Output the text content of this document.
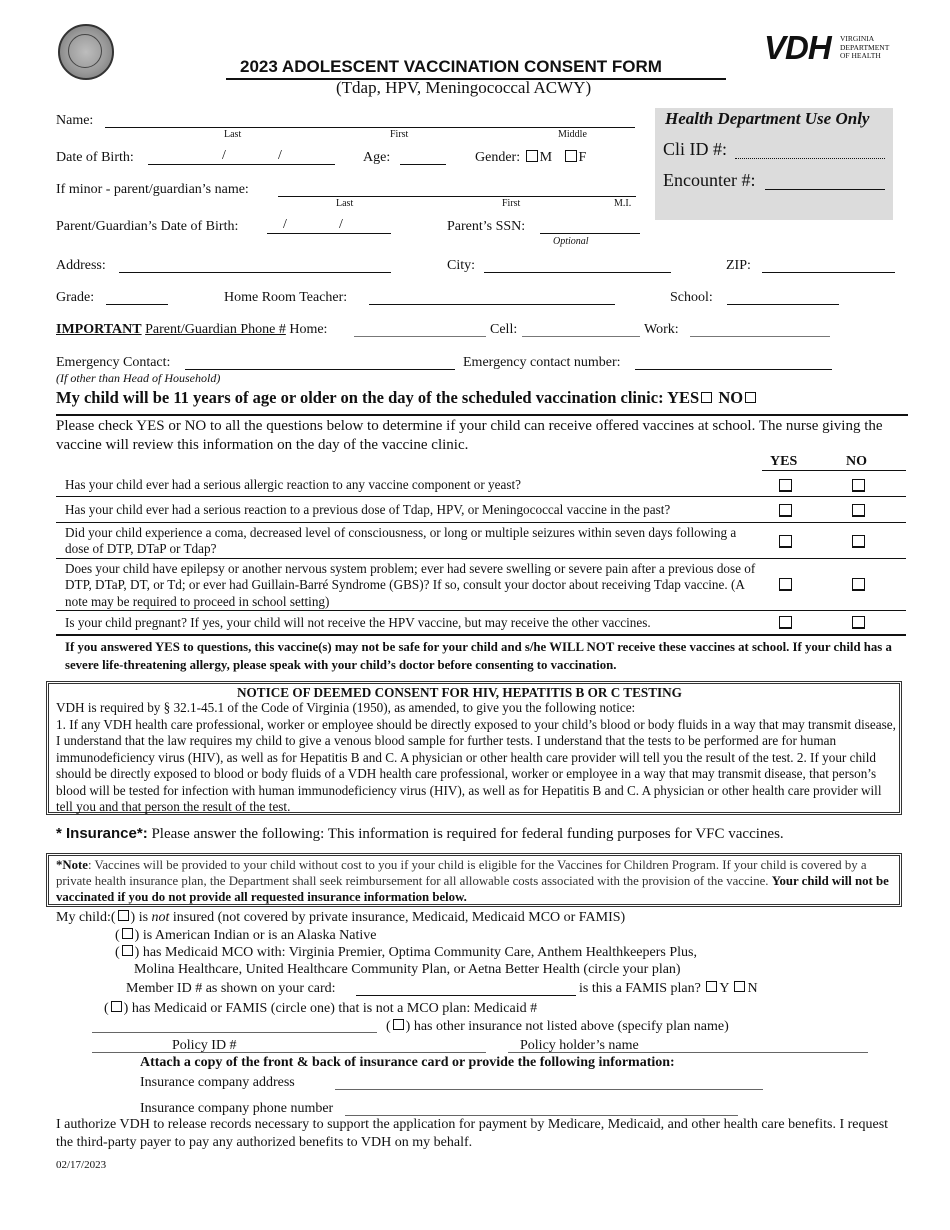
2023 ADOLESCENT VACCINATION CONSENT FORM
(Tdap, HPV, Meningococcal ACWY)
VDH VIRGINIA
DEPARTMENT
OF HEALTH
Health Department Use Only
Cli ID #:
Encounter #:
Name:
Last	First	Middle
Date of Birth:	/	/	Age:	Gender: M F
If minor - parent/guardian’s name:
Last	First	M.I.
Parent/Guardian’s Date of Birth:	/	/	Parent’s SSN:
Optional
Address:	City:	ZIP:
Grade:	Home Room Teacher:	School:
IMPORTANT Parent/Guardian Phone # Home:	Cell:	Work:
Emergency Contact:	Emergency contact number:
(If other than Head of Household)
My child will be 11 years of age or older on the day of the scheduled vaccination clinic: YES NO
Please check YES or NO to all the questions below to determine if your child can receive offered vaccines at school. The nurse giving the vaccine will review this information on the day of the vaccine clinic.
YES	NO
Has your child ever had a serious allergic reaction to any vaccine component or yeast?
Has your child ever had a serious reaction to a previous dose of Tdap, HPV, or Meningococcal vaccine in the past?
Did your child experience a coma, decreased level of consciousness, or long or multiple seizures within seven days following a dose of DTP, DTaP or Tdap?
Does your child have epilepsy or another nervous system problem; ever had severe swelling or severe pain after a previous dose of DTP, DTaP, DT, or Td; or ever had Guillain-Barré Syndrome (GBS)? If so, consult your doctor about receiving Tdap vaccine. (A note may be required to proceed in school setting)
Is your child pregnant? If yes, your child will not receive the HPV vaccine, but may receive the other vaccines.
If you answered YES to questions, this vaccine(s) may not be safe for your child and s/he WILL NOT receive these vaccines at school. If your child has a severe life-threatening allergy, please speak with your child’s doctor before consenting to vaccination.
NOTICE OF DEEMED CONSENT FOR HIV, HEPATITIS B OR C TESTING
VDH is required by § 32.1-45.1 of the Code of Virginia (1950), as amended, to give you the following notice:
1. If any VDH health care professional, worker or employee should be directly exposed to your child’s blood or body fluids in a way that may transmit disease, I understand that the law requires my child to give a venous blood sample for further tests. I understand that the tests to be performed are for human immunodeficiency virus (HIV), as well as for Hepatitis B and C. A physician or other health care provider will tell you the result of the test. 2. If your child should be directly exposed to blood or body fluids of a VDH health care professional, worker or employee in a way that may transmit disease, that person’s blood will be tested for infection with human immunodeficiency virus (HIV), as well as for Hepatitis B and C. A physician or other health care provider will tell you and that person the result of the test.
* Insurance*: Please answer the following: This information is required for federal funding purposes for VFC vaccines.
*Note: Vaccines will be provided to your child without cost to you if your child is eligible for the Vaccines for Children Program. If your child is covered by a private health insurance plan, the Department shall seek reimbursement for all allowable costs associated with the provision of the vaccine. Your child will not be vaccinated if you do not provide all requested insurance information below.
My child:( ) is not insured (not covered by private insurance, Medicaid, Medicaid MCO or FAMIS)
( ) is American Indian or is an Alaska Native
( ) has Medicaid MCO with: Virginia Premier, Optima Community Care, Anthem Healthkeepers Plus,
Molina Healthcare, United Healthcare Community Plan, or Aetna Better Health (circle your plan)
Member ID # as shown on your card:	is this a FAMIS plan? Y N
( ) has Medicaid or FAMIS (circle one) that is not a MCO plan: Medicaid #
( ) has other insurance not listed above (specify plan name)
Policy ID #	Policy holder’s name
Attach a copy of the front & back of insurance card or provide the following information:
Insurance company address
Insurance company phone number
I authorize VDH to release records necessary to support the application for payment by Medicare, Medicaid, and other health care benefits. I request the third-party payer to pay any authorized benefits to VDH on my behalf.
02/17/2023
